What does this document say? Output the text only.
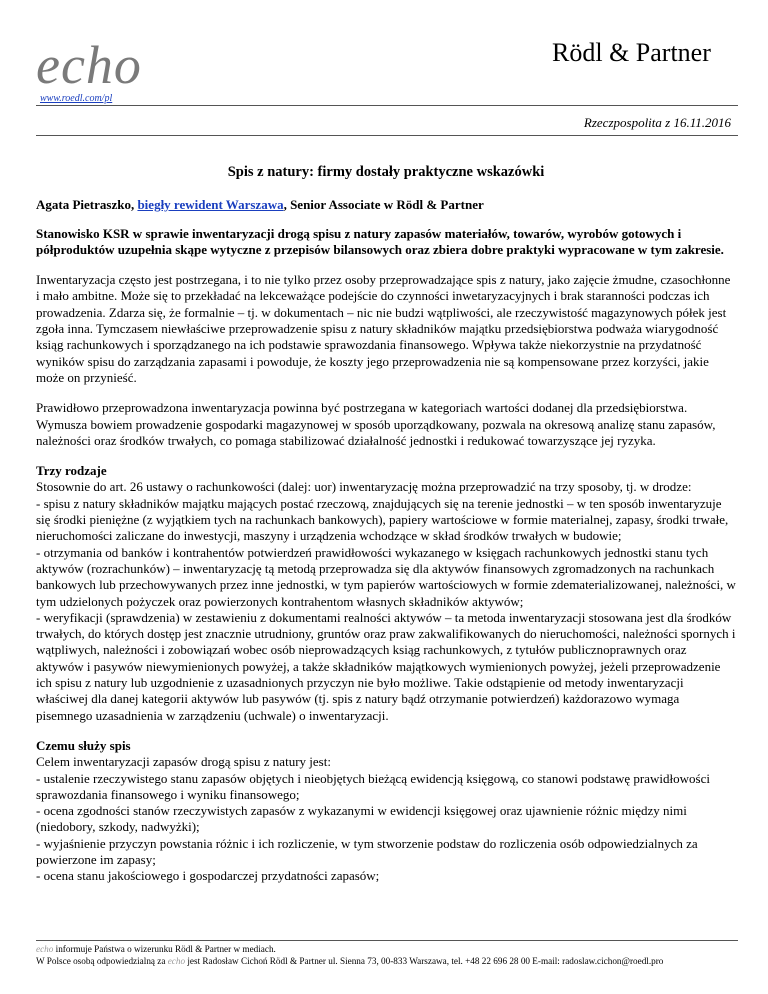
echo
www.roedl.com/pl
Rödl & Partner
Rzeczpospolita z 16.11.2016
Spis z natury: firmy dostały praktyczne wskazówki
Agata Pietraszko, biegły rewident Warszawa, Senior Associate w Rödl & Partner
Stanowisko KSR w sprawie inwentaryzacji drogą spisu z natury zapasów materiałów, towarów, wyrobów gotowych i półproduktów uzupełnia skąpe wytyczne z przepisów bilansowych oraz zbiera dobre praktyki wypracowane w tym zakresie.

Inwentaryzacja często jest postrzegana, i to nie tylko przez osoby przeprowadzające spis z natury, jako zajęcie żmudne, czasochłonne i mało ambitne. Może się to przekładać na lekceważące podejście do czynności inwetaryzacyjnych i brak staranności podczas ich prowadzenia. Zdarza się, że formalnie – tj. w dokumentach – nic nie budzi wątpliwości, ale rzeczywistość magazynowych półek jest zgoła inna. Tymczasem niewłaściwe przeprowadzenie spisu z natury składników majątku przedsiębiorstwa podważa wiarygodność ksiąg rachunkowych i sporządzanego na ich podstawie sprawozdania finansowego. Wpływa także niekorzystnie na przydatność wyników spisu do zarządzania zapasami i powoduje, że koszty jego przeprowadzenia nie są kompensowane przez korzyści, jakie może on przynieść.

Prawidłowo przeprowadzona inwentaryzacja powinna być postrzegana w kategoriach wartości dodanej dla przedsiębiorstwa. Wymusza bowiem prowadzenie gospodarki magazynowej w sposób uporządkowany, pozwala na okresową analizę stanu zapasów, należności oraz środków trwałych, co pomaga stabilizować działalność jednostki i redukować towarzyszące jej ryzyka.

Trzy rodzaje
Stosownie do art. 26 ustawy o rachunkowości (dalej: uor) inwentaryzację można przeprowadzić na trzy sposoby, tj. w drodze:
- spisu z natury składników majątku mających postać rzeczową, znajdujących się na terenie jednostki – w ten sposób inwentaryzuje się środki pieniężne (z wyjątkiem tych na rachunkach bankowych), papiery wartościowe w formie materialnej, zapasy, środki trwałe, nieruchomości zaliczane do inwestycji, maszyny i urządzenia wchodzące w skład środków trwałych w budowie;
- otrzymania od banków i kontrahentów potwierdzeń prawidłowości wykazanego w księgach rachunkowych jednostki stanu tych aktywów (rozrachunków) – inwentaryzację tą metodą przeprowadza się dla aktywów finansowych zgromadzonych na rachunkach bankowych lub przechowywanych przez inne jednostki, w tym papierów wartościowych w formie zdematerializowanej, należności, w tym udzielonych pożyczek oraz powierzonych kontrahentom własnych składników aktywów;
- weryfikacji (sprawdzenia) w zestawieniu z dokumentami realności aktywów – ta metoda inwentaryzacji stosowana jest dla środków trwałych, do których dostęp jest znacznie utrudniony, gruntów oraz praw zakwalifikowanych do nieruchomości, należności spornych i wątpliwych, należności i zobowiązań wobec osób nieprowadzących ksiąg rachunkowych, z tytułów publicznoprawnych oraz aktywów i pasywów niewymienionych powyżej, a także składników majątkowych wymienionych powyżej, jeżeli przeprowadzenie ich spisu z natury lub uzgodnienie z uzasadnionych przyczyn nie było możliwe. Takie odstąpienie od metody inwentaryzacji właściwej dla danej kategorii aktywów lub pasywów (tj. spis z natury bądź otrzymanie potwierdzeń) każdorazowo wymaga pisemnego uzasadnienia w zarządzeniu (uchwale) o inwentaryzacji.

Czemu służy spis
Celem inwentaryzacji zapasów drogą spisu z natury jest:
- ustalenie rzeczywistego stanu zapasów objętych i nieobjętych bieżącą ewidencją księgową, co stanowi podstawę prawidłowości sprawozdania finansowego i wyniku finansowego;
- ocena zgodności stanów rzeczywistych zapasów z wykazanymi w ewidencji księgowej oraz ujawnienie różnic między nimi (niedobory, szkody, nadwyżki);
- wyjaśnienie przyczyn powstania różnic i ich rozliczenie, w tym stworzenie podstaw do rozliczenia osób odpowiedzialnych za powierzone im zapasy;
- ocena stanu jakościowego i gospodarczej przydatności zapasów;

echo informuje Państwa o wizerunku Rödl & Partner w mediach.
W Polsce osobą odpowiedzialną za echo jest Radosław Cichoń Rödl & Partner ul. Sienna 73, 00-833 Warszawa, tel. +48 22 696 28 00 E-mail: radoslaw.cichon@roedl.pro
